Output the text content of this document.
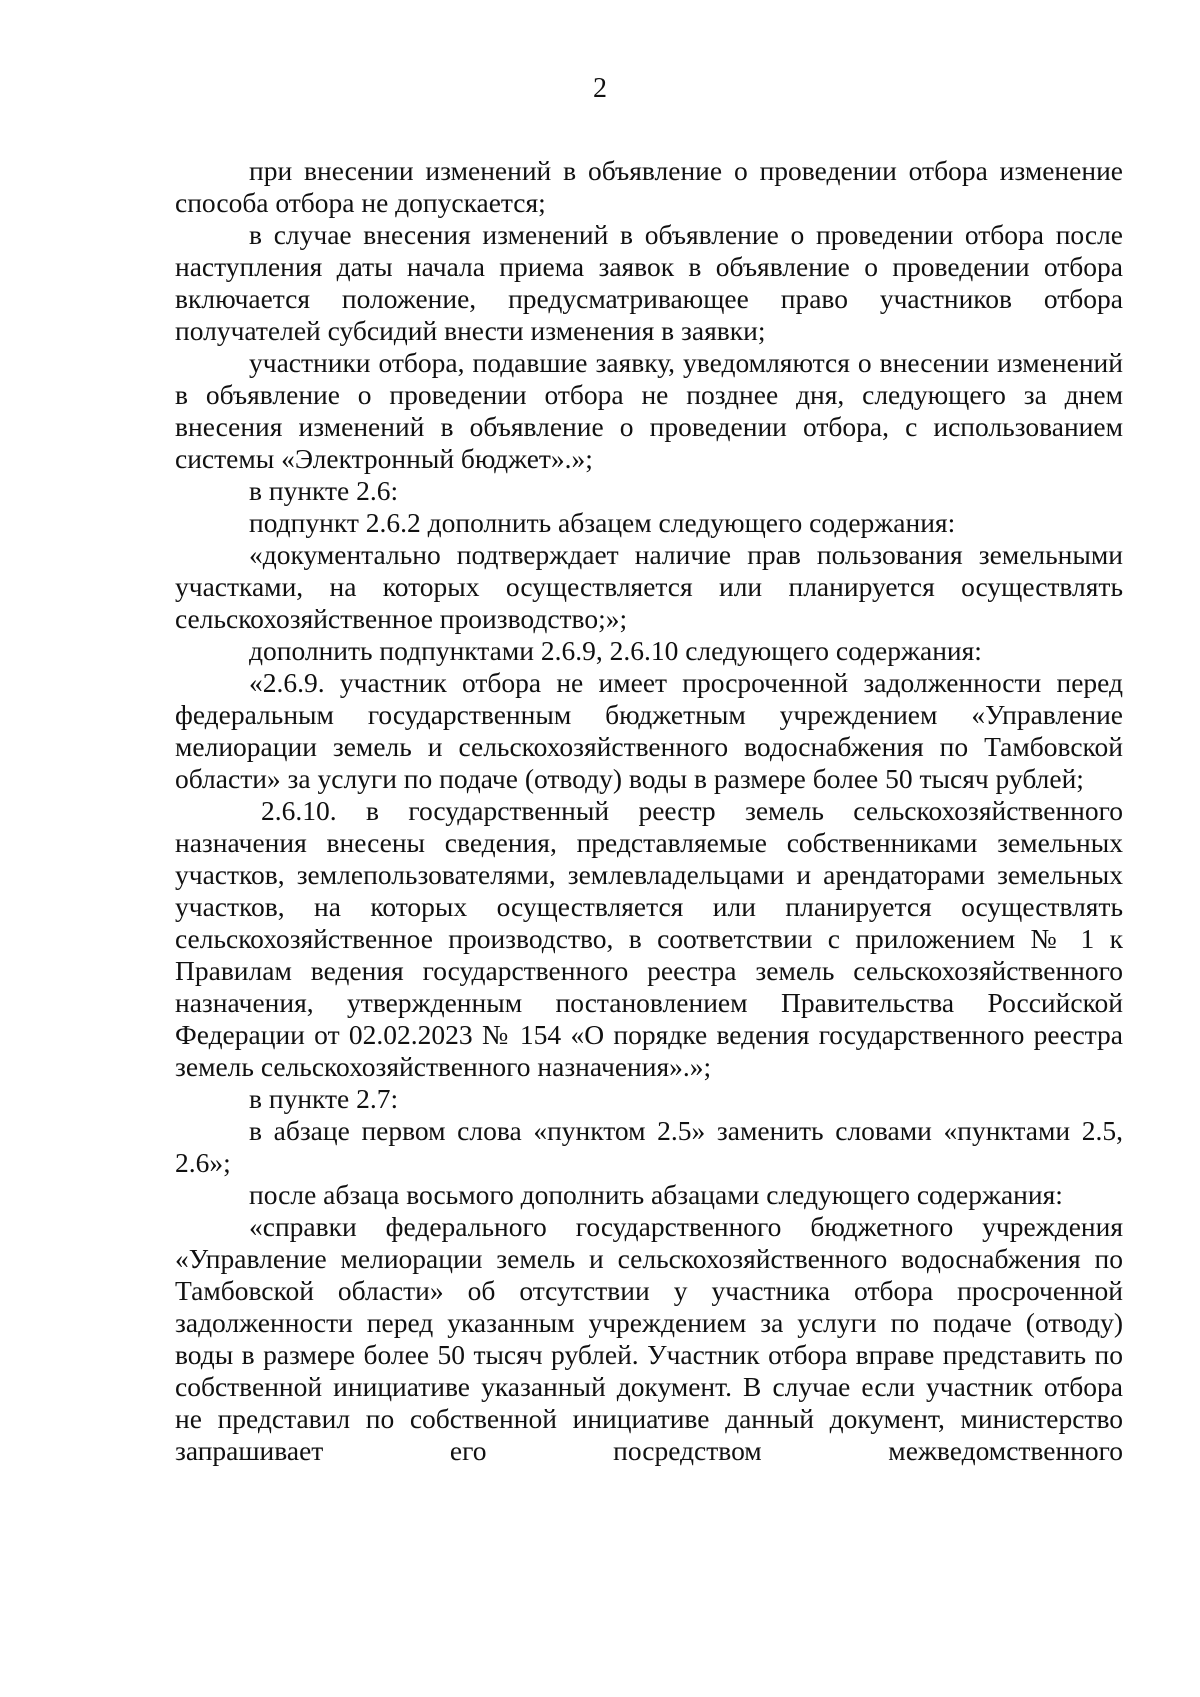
2

при внесении изменений в объявление о проведении отбора изменение способа отбора не допускается;

в случае внесения изменений в объявление о проведении отбора после наступления даты начала приема заявок в объявление о проведении отбора включается положение, предусматривающее право участников отбора получателей субсидий внести изменения в заявки;

участники отбора, подавшие заявку, уведомляются о внесении изменений в объявление о проведении отбора не позднее дня, следующего за днем внесения изменений в объявление о проведении отбора, с использованием системы «Электронный бюджет».»;

в пункте 2.6:

подпункт 2.6.2 дополнить абзацем следующего содержания:

«документально подтверждает наличие прав пользования земельными участками, на которых осуществляется или планируется осуществлять сельскохозяйственное производство;»;

дополнить подпунктами 2.6.9, 2.6.10 следующего содержания:

«2.6.9. участник отбора не имеет просроченной задолженности перед федеральным государственным бюджетным учреждением «Управление мелиорации земель и сельскохозяйственного водоснабжения по Тамбовской области» за услуги по подаче (отводу) воды в размере более 50 тысяч рублей;

2.6.10. в государственный реестр земель сельскохозяйственного назначения внесены сведения, представляемые собственниками земельных участков, землепользователями, землевладельцами и арендаторами земельных участков, на которых осуществляется или планируется осуществлять сельскохозяйственное производство, в соответствии с приложением № 1 к Правилам ведения государственного реестра земель сельскохозяйственного назначения, утвержденным постановлением Правительства Российской Федерации от 02.02.2023 № 154 «О порядке ведения государственного реестра земель сельскохозяйственного назначения».»;

в пункте 2.7:

в абзаце первом слова «пунктом 2.5» заменить словами «пунктами 2.5, 2.6»;

после абзаца восьмого дополнить абзацами следующего содержания:

«справки федерального государственного бюджетного учреждения «Управление мелиорации земель и сельскохозяйственного водоснабжения по Тамбовской области» об отсутствии у участника отбора просроченной задолженности перед указанным учреждением за услуги по подаче (отводу) воды в размере более 50 тысяч рублей. Участник отбора вправе представить по собственной инициативе указанный документ. В случае если участник отбора не представил по собственной инициативе данный документ, министерство запрашивает его посредством межведомственного
